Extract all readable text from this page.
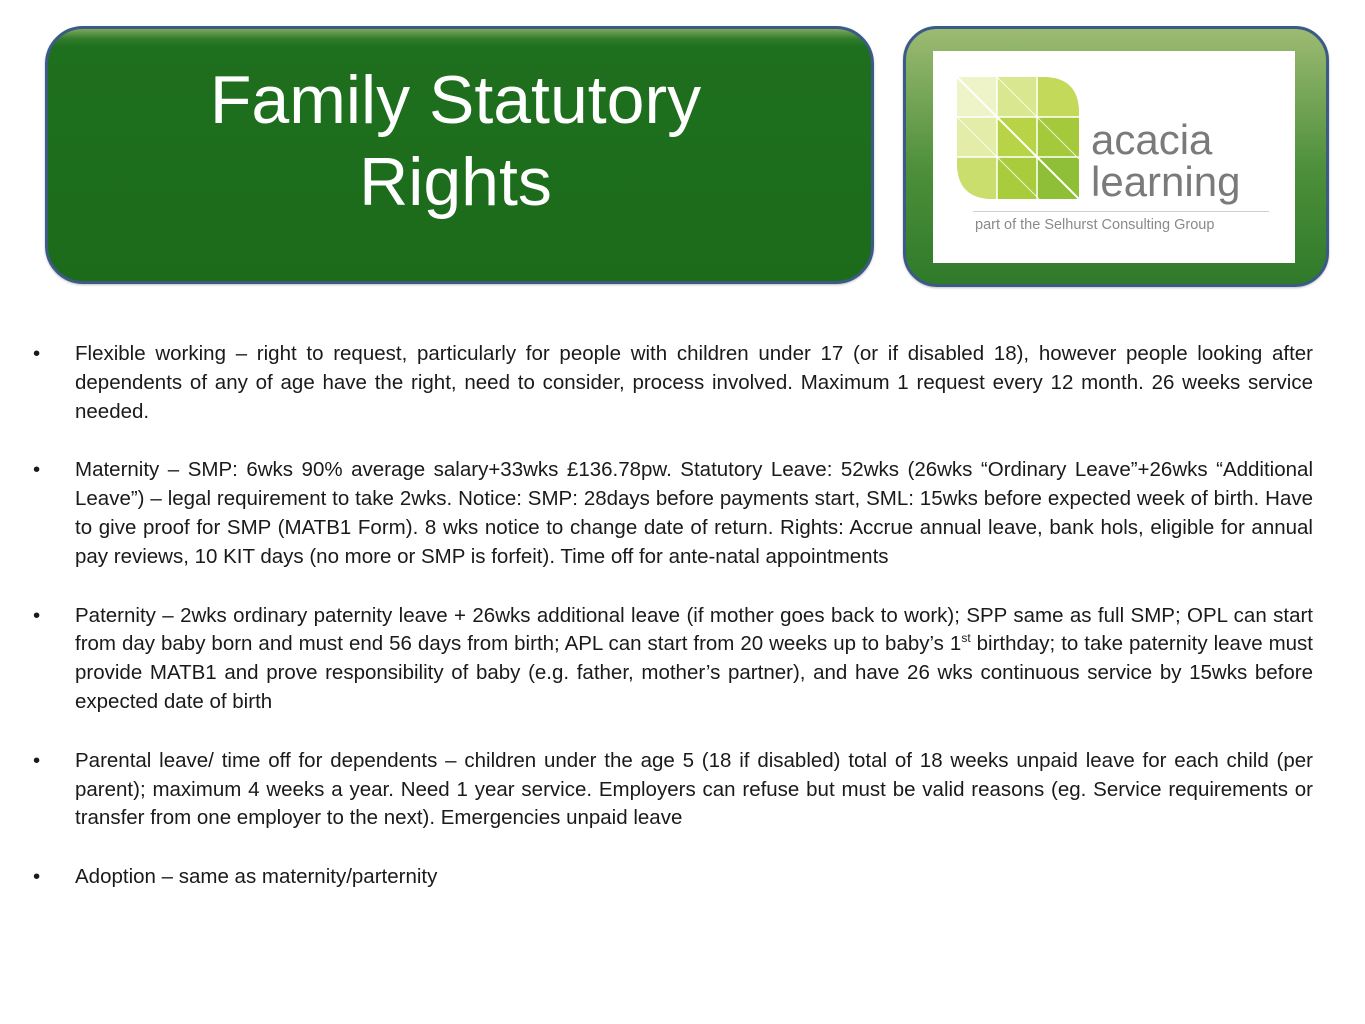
Family Statutory
Rights
acacia
learning
part of the Selhurst Consulting Group
• Flexible working – right to request, particularly for people with children under 17 (or if disabled 18), however people looking after dependents of any of age have the right, need to consider, process involved. Maximum 1 request every 12 month. 26 weeks service needed.
• Maternity – SMP: 6wks 90% average salary+33wks £136.78pw. Statutory Leave: 52wks (26wks “Ordinary Leave”+26wks “Additional Leave”) – legal requirement to take 2wks. Notice: SMP: 28days before payments start, SML: 15wks before expected week of birth. Have to give proof for SMP (MATB1 Form). 8 wks notice to change date of return. Rights: Accrue annual leave, bank hols, eligible for annual pay reviews, 10 KIT days (no more or SMP is forfeit). Time off for ante-natal appointments
• Paternity – 2wks ordinary paternity leave + 26wks additional leave (if mother goes back to work); SPP same as full SMP; OPL can start from day baby born and must end 56 days from birth; APL can start from 20 weeks up to baby’s 1st birthday; to take paternity leave must provide MATB1 and prove responsibility of baby (e.g. father, mother’s partner), and have 26 wks continuous service by 15wks before expected date of birth
• Parental leave/ time off for dependents – children under the age 5 (18 if disabled) total of 18 weeks unpaid leave for each child (per parent); maximum 4 weeks a year. Need 1 year service. Employers can refuse but must be valid reasons (eg. Service requirements or transfer from one employer to the next). Emergencies unpaid leave
• Adoption – same as maternity/parternity
